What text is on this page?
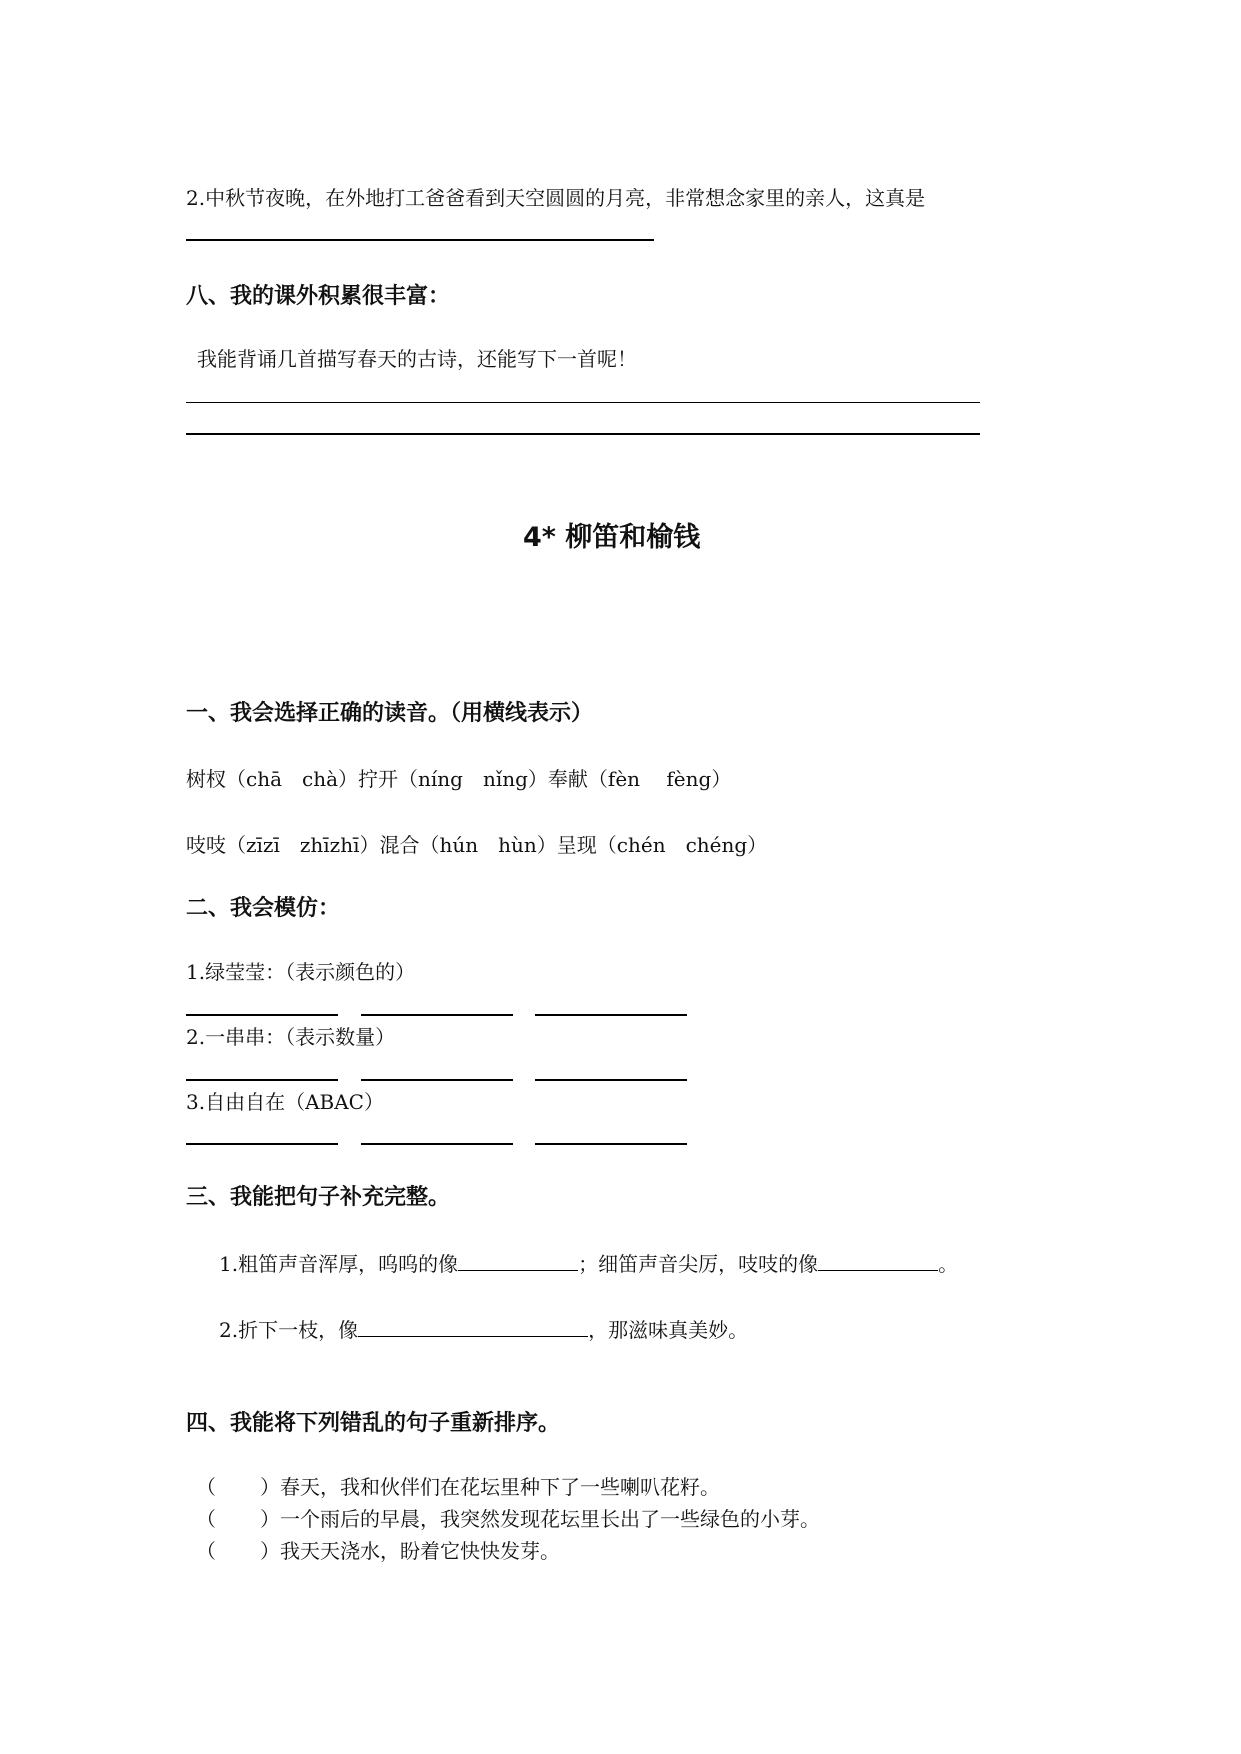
2.中秋节夜晚，在外地打工爸爸看到天空圆圆的月亮，非常想念家里的亲人，这真是
八、我的课外积累很丰富：
我能背诵几首描写春天的古诗，还能写下一首呢！
4* 柳笛和榆钱
一、我会选择正确的读音。（用横线表示）
树杈（chā　chà）拧开（níng　nǐng）奉献（fèn　 fèng）
吱吱（zīzī　zhīzhī）混合（hún　hùn）呈现（chén　chéng）
二、我会模仿：
1.绿莹莹：（表示颜色的）
2.一串串：（表示数量）
3.自由自在（ABAC）
三、我能把句子补充完整。
1.粗笛声音浑厚，呜呜的像	；细笛声音尖厉，吱吱的像	。
2.折下一枝，像	，那滋味真美妙。
四、我能将下列错乱的句子重新排序。
（ ）春天，我和伙伴们在花坛里种下了一些喇叭花籽。
（ ）一个雨后的早晨，我突然发现花坛里长出了一些绿色的小芽。
（ ）我天天浇水，盼着它快快发芽。
